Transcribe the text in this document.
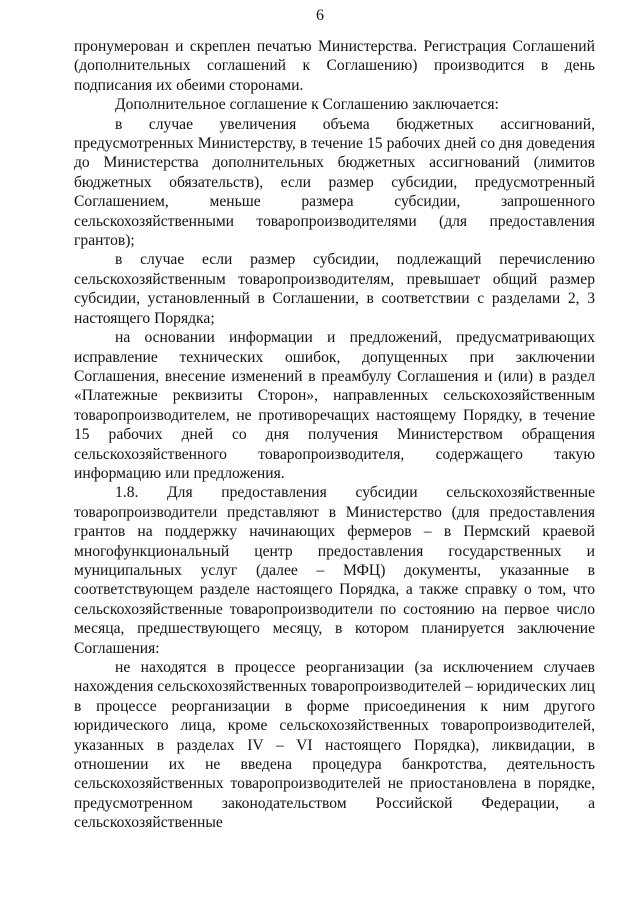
6

пронумерован и скреплен печатью Министерства. Регистрация Соглашений (дополнительных соглашений к Соглашению) производится в день подписания их обеими сторонами.

Дополнительное соглашение к Соглашению заключается:

в случае увеличения объема бюджетных ассигнований, предусмотренных Министерству, в течение 15 рабочих дней со дня доведения до Министерства дополнительных бюджетных ассигнований (лимитов бюджетных обязательств), если размер субсидии, предусмотренный Соглашением, меньше размера субсидии, запрошенного сельскохозяйственными товаропроизводителями (для предоставления грантов);

в случае если размер субсидии, подлежащий перечислению сельскохозяйственным товаропроизводителям, превышает общий размер субсидии, установленный в Соглашении, в соответствии с разделами 2, 3 настоящего Порядка;

на основании информации и предложений, предусматривающих исправление технических ошибок, допущенных при заключении Соглашения, внесение изменений в преамбулу Соглашения и (или) в раздел «Платежные реквизиты Сторон», направленных сельскохозяйственным товаропроизводителем, не противоречащих настоящему Порядку, в течение 15 рабочих дней со дня получения Министерством обращения сельскохозяйственного товаропроизводителя, содержащего такую информацию или предложения.

1.8. Для предоставления субсидии сельскохозяйственные товаропроизводители представляют в Министерство (для предоставления грантов на поддержку начинающих фермеров – в Пермский краевой многофункциональный центр предоставления государственных и муниципальных услуг (далее – МФЦ) документы, указанные в соответствующем разделе настоящего Порядка, а также справку о том, что сельскохозяйственные товаропроизводители по состоянию на первое число месяца, предшествующего месяцу, в котором планируется заключение Соглашения:

не находятся в процессе реорганизации (за исключением случаев нахождения сельскохозяйственных товаропроизводителей – юридических лиц в процессе реорганизации в форме присоединения к ним другого юридического лица, кроме сельскохозяйственных товаропроизводителей, указанных в разделах IV – VI настоящего Порядка), ликвидации, в отношении их не введена процедура банкротства, деятельность сельскохозяйственных товаропроизводителей не приостановлена в порядке, предусмотренном законодательством Российской Федерации, а сельскохозяйственные
